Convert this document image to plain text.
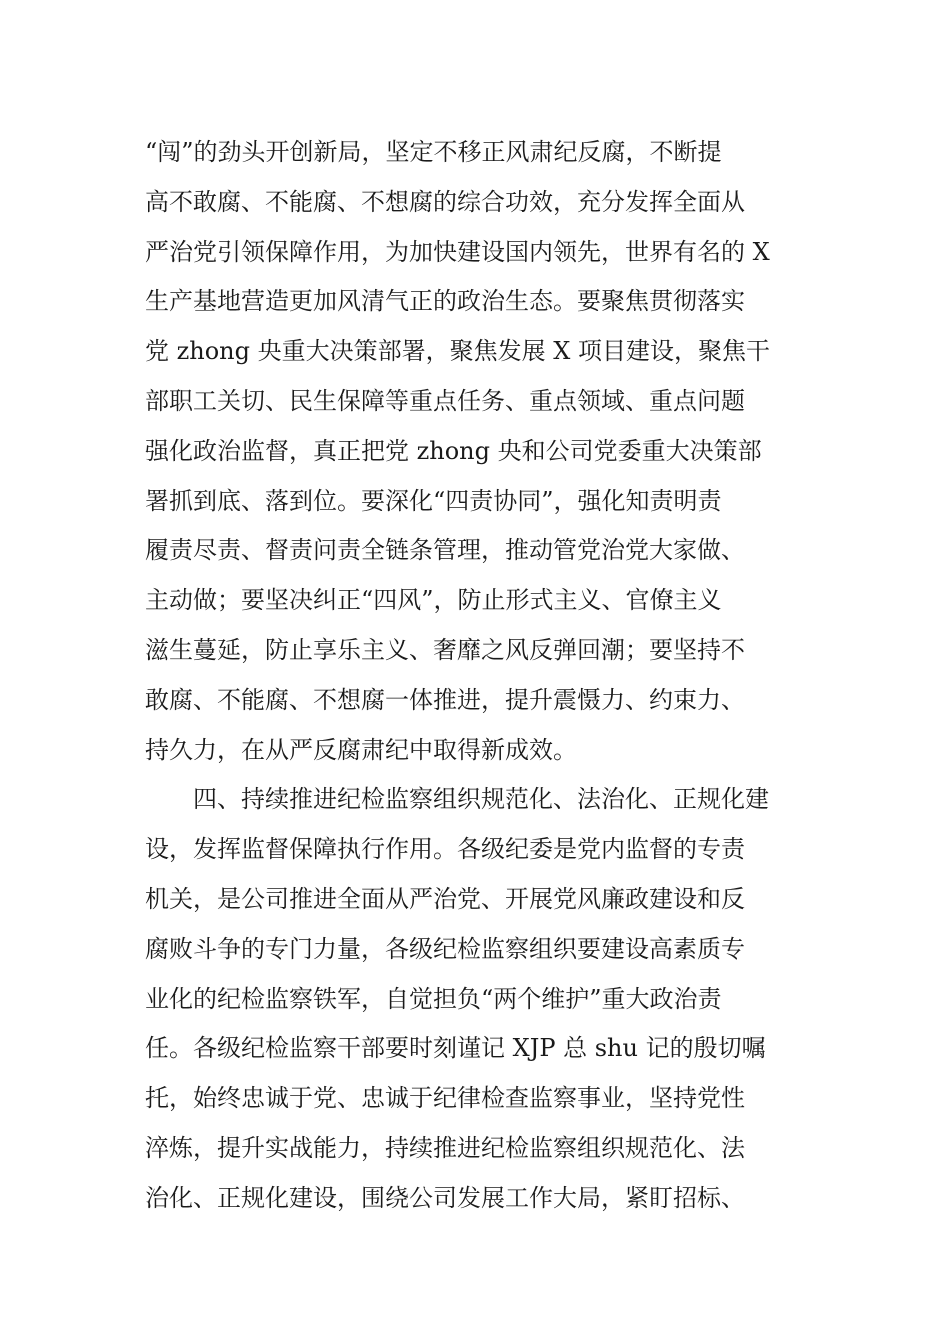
“闯”的劲头开创新局，坚定不移正风肃纪反腐，不断提
高不敢腐、不能腐、不想腐的综合功效，充分发挥全面从
严治党引领保障作用，为加快建设国内领先，世界有名的 X
生产基地营造更加风清气正的政治生态。要聚焦贯彻落实
党 zhong 央重大决策部署，聚焦发展 X 项目建设，聚焦干
部职工关切、民生保障等重点任务、重点领域、重点问题
强化政治监督，真正把党 zhong 央和公司党委重大决策部
署抓到底、落到位。要深化“四责协同”，强化知责明责
履责尽责、督责问责全链条管理，推动管党治党大家做、
主动做；要坚决纠正“四风”，防止形式主义、官僚主义
滋生蔓延，防止享乐主义、奢靡之风反弹回潮；要坚持不
敢腐、不能腐、不想腐一体推进，提升震慑力、约束力、
持久力，在从严反腐肃纪中取得新成效。
四、持续推进纪检监察组织规范化、法治化、正规化建
设，发挥监督保障执行作用。各级纪委是党内监督的专责
机关，是公司推进全面从严治党、开展党风廉政建设和反
腐败斗争的专门力量，各级纪检监察组织要建设高素质专
业化的纪检监察铁军，自觉担负“两个维护”重大政治责
任。各级纪检监察干部要时刻谨记 XJP 总 shu 记的殷切嘱
托，始终忠诚于党、忠诚于纪律检查监察事业，坚持党性
淬炼，提升实战能力，持续推进纪检监察组织规范化、法
治化、正规化建设，围绕公司发展工作大局，紧盯招标、
